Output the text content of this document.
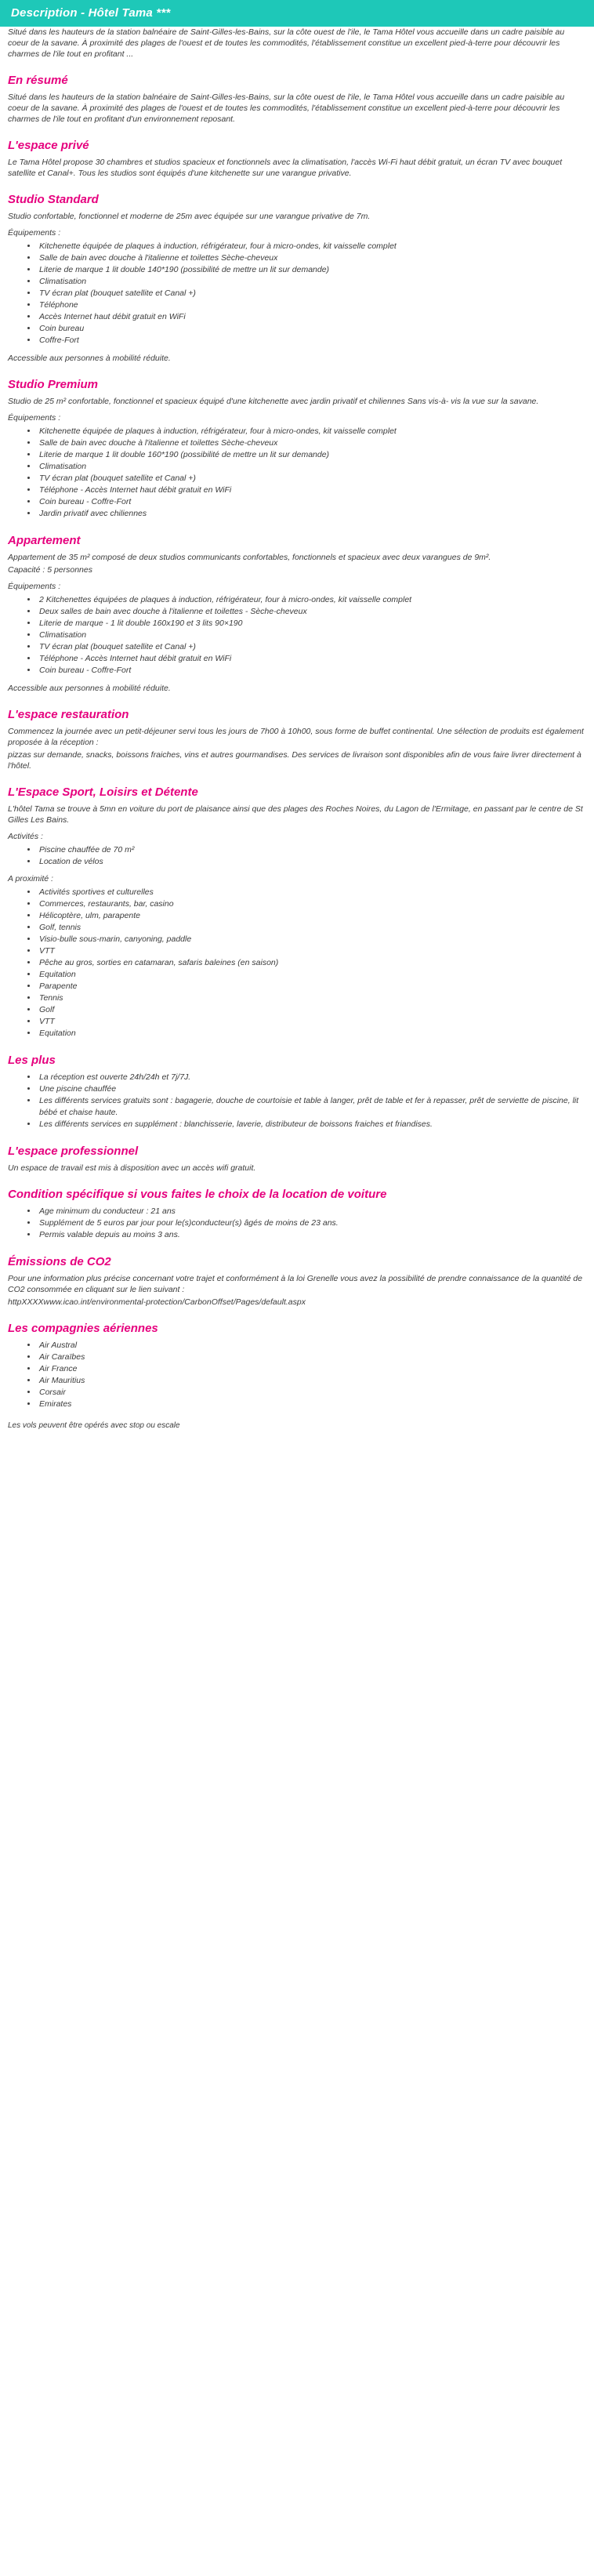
Description - Hôtel Tama ***

Situé dans les hauteurs de la station balnéaire de Saint-Gilles-les-Bains, sur la côte ouest de l'ile, le Tama Hôtel vous accueille dans un cadre paisible au coeur de la savane. À proximité des plages de l'ouest et de toutes les commodités, l'établissement constitue un excellent pied-à-terre pour découvrir les charmes de l'ile tout en profitant ...

En résumé

Situé dans les hauteurs de la station balnéaire de Saint-Gilles-les-Bains, sur la côte ouest de l'ile, le Tama Hôtel vous accueille dans un cadre paisible au coeur de la savane. À proximité des plages de l'ouest et de toutes les commodités, l'établissement constitue un excellent pied-à-terre pour découvrir les charmes de l'ile tout en profitant d'un environnement reposant.

L'espace privé

Le Tama Hôtel propose 30 chambres et studios spacieux et fonctionnels avec la climatisation, l'accès Wi-Fi haut débit gratuit, un écran TV avec bouquet satellite et Canal+. Tous les studios sont équipés d'une kitchenette sur une varangue privative.

Studio Standard

Studio confortable, fonctionnel et moderne de 25m avec équipée sur une varangue privative de 7m.

Équipements :

• Kitchenette équipée de plaques à induction, réfrigérateur, four à micro-ondes, kit vaisselle complet
• Salle de bain avec douche à l'italienne et toilettes Sèche-cheveux
• Literie de marque 1 lit double 140*190 (possibilité de mettre un lit sur demande)
• Climatisation
• TV écran plat (bouquet satellite et Canal +)
• Téléphone
• Accès Internet haut débit gratuit en WiFi
• Coin bureau
• Coffre-Fort

Accessible aux personnes à mobilité réduite.

Studio Premium

Studio de 25 m² confortable, fonctionnel et spacieux équipé d'une kitchenette avec jardin privatif et chiliennes Sans vis-à- vis la vue sur la savane.

Équipements :

• Kitchenette équipée de plaques à induction, réfrigérateur, four à micro-ondes, kit vaisselle complet
• Salle de bain avec douche à l'italienne et toilettes Sèche-cheveux
• Literie de marque 1 lit double 160*190 (possibilité de mettre un lit sur demande)
• Climatisation
• TV écran plat (bouquet satellite et Canal +)
• Téléphone - Accès Internet haut débit gratuit en WiFi
• Coin bureau - Coffre-Fort
• Jardin privatif avec chiliennes
Appartement

Appartement de 35 m² composé de deux studios communicants confortables, fonctionnels et spacieux avec deux varangues de 9m².

Capacité : 5 personnes

Équipements :

• 2 Kitchenettes équipées de plaques à induction, réfrigérateur, four à micro-ondes, kit vaisselle complet
• Deux salles de bain avec douche à l'italienne et toilettes - Sèche-cheveux
• Literie de marque - 1 lit double 160x190 et 3 lits 90×190
• Climatisation
• TV écran plat (bouquet satellite et Canal +)
• Téléphone - Accès Internet haut débit gratuit en WiFi
• Coin bureau - Coffre-Fort

Accessible aux personnes à mobilité réduite.

L'espace restauration

Commencez la journée avec un petit-déjeuner servi tous les jours de 7h00 à 10h00, sous forme de buffet continental. Une sélection de produits est également proposée à la réception :

pizzas sur demande, snacks, boissons fraiches, vins et autres gourmandises. Des services de livraison sont disponibles afin de vous faire livrer directement à l'hôtel.

L'Espace Sport, Loisirs et Détente

L'hôtel Tama se trouve à 5mn en voiture du port de plaisance ainsi que des plages des Roches Noires, du Lagon de l'Ermitage, en passant par le centre de St Gilles Les Bains.

Activités :

• Piscine chauffée de 70 m²
• Location de vélos

A proximité :

• Activités sportives et culturelles
• Commerces, restaurants, bar, casino
• Hélicoptère, ulm, parapente
• Golf, tennis
• Visio-bulle sous-marin, canyoning, paddle
• VTT
• Pêche au gros, sorties en catamaran, safaris baleines (en saison)
• Equitation
• Parapente
• Tennis
• Golf
• VTT
• Equitation
Les plus
• La réception est ouverte 24h/24h et 7j/7J.
• Une piscine chauffée
• Les différents services gratuits sont : bagagerie, douche de courtoisie et table à langer, prêt de table et fer à repasser, prêt de serviette de piscine, lit bébé et chaise haute.
• Les différents services en supplément : blanchisserie, laverie, distributeur de boissons fraiches et friandises.
L'espace professionnel

Un espace de travail est mis à disposition avec un accès wifi gratuit.

Condition spécifique si vous faites le choix de la location de voiture
• Age minimum du conducteur : 21 ans
• Supplément de 5 euros par jour pour le(s)conducteur(s) âgés de moins de 23 ans.
• Permis valable depuis au moins 3 ans.
Émissions de CO2

Pour une information plus précise concernant votre trajet et conformément à la loi Grenelle vous avez la possibilité de prendre connaissance de la quantité de CO2 consommée en cliquant sur le lien suivant :

httpXXXXwww.icao.int/environmental-protection/CarbonOffset/Pages/default.aspx

Les compagnies aériennes
• Air Austral
• Air Caraïbes
• Air France
• Air Mauritius
• Corsair
• Emirates
Les vols peuvent être opérés avec stop ou escale
